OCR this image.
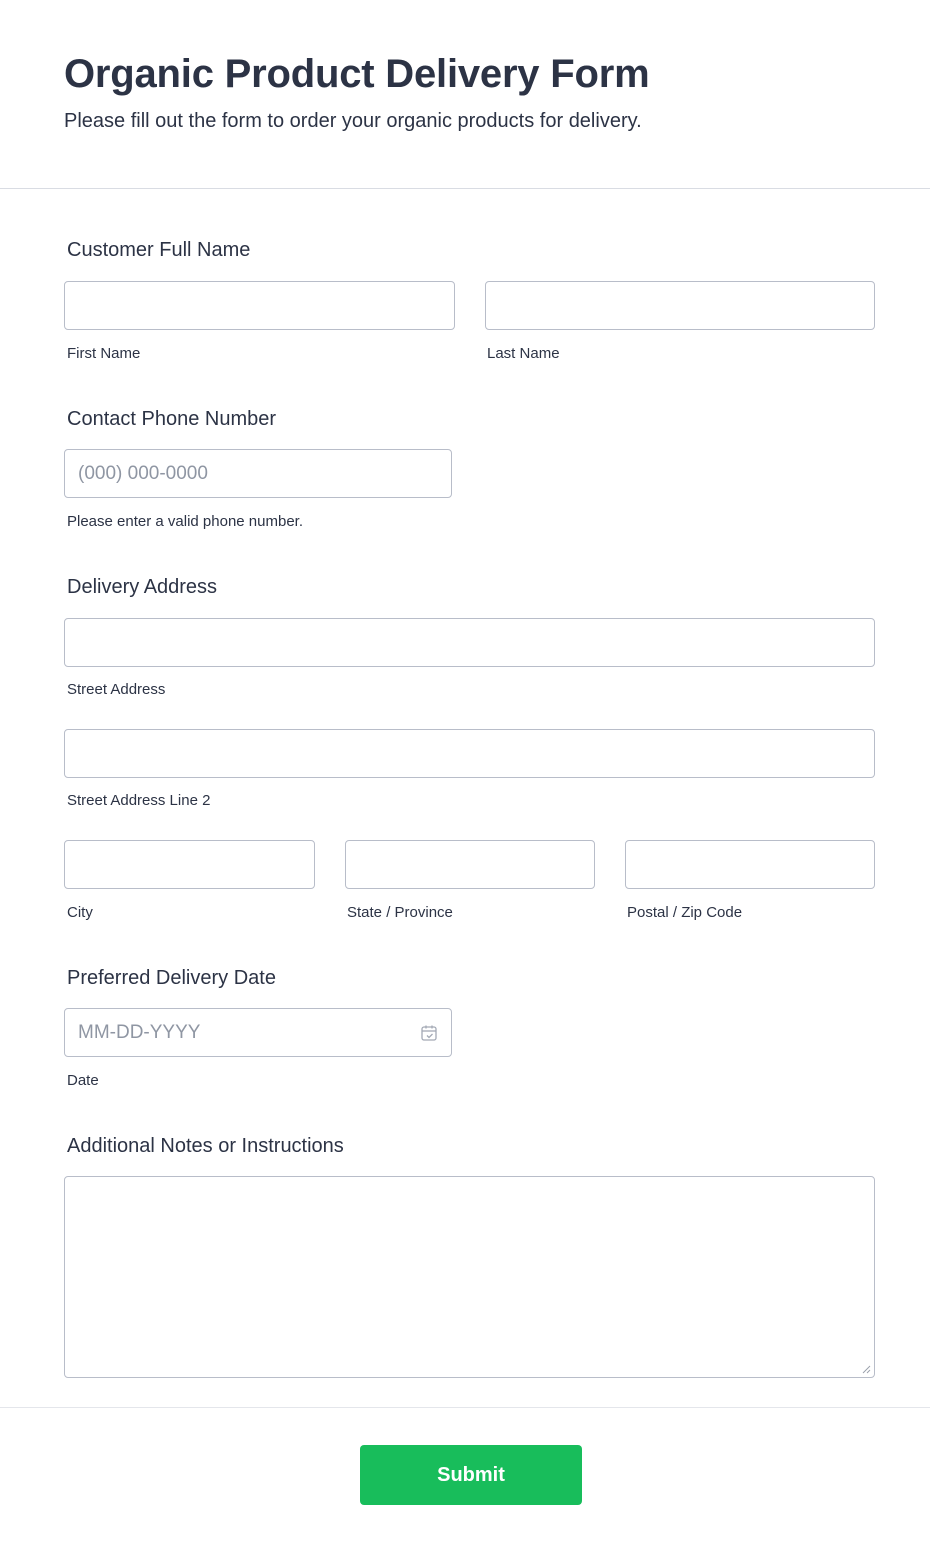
Organic Product Delivery Form
Please fill out the form to order your organic products for delivery.
Customer Full Name
First Name	Last Name
Contact Phone Number
(000) 000-0000
Please enter a valid phone number.
Delivery Address
Street Address
Street Address Line 2
City	State / Province	Postal / Zip Code
Preferred Delivery Date
MM-DD-YYYY
Date
Additional Notes or Instructions
Submit
